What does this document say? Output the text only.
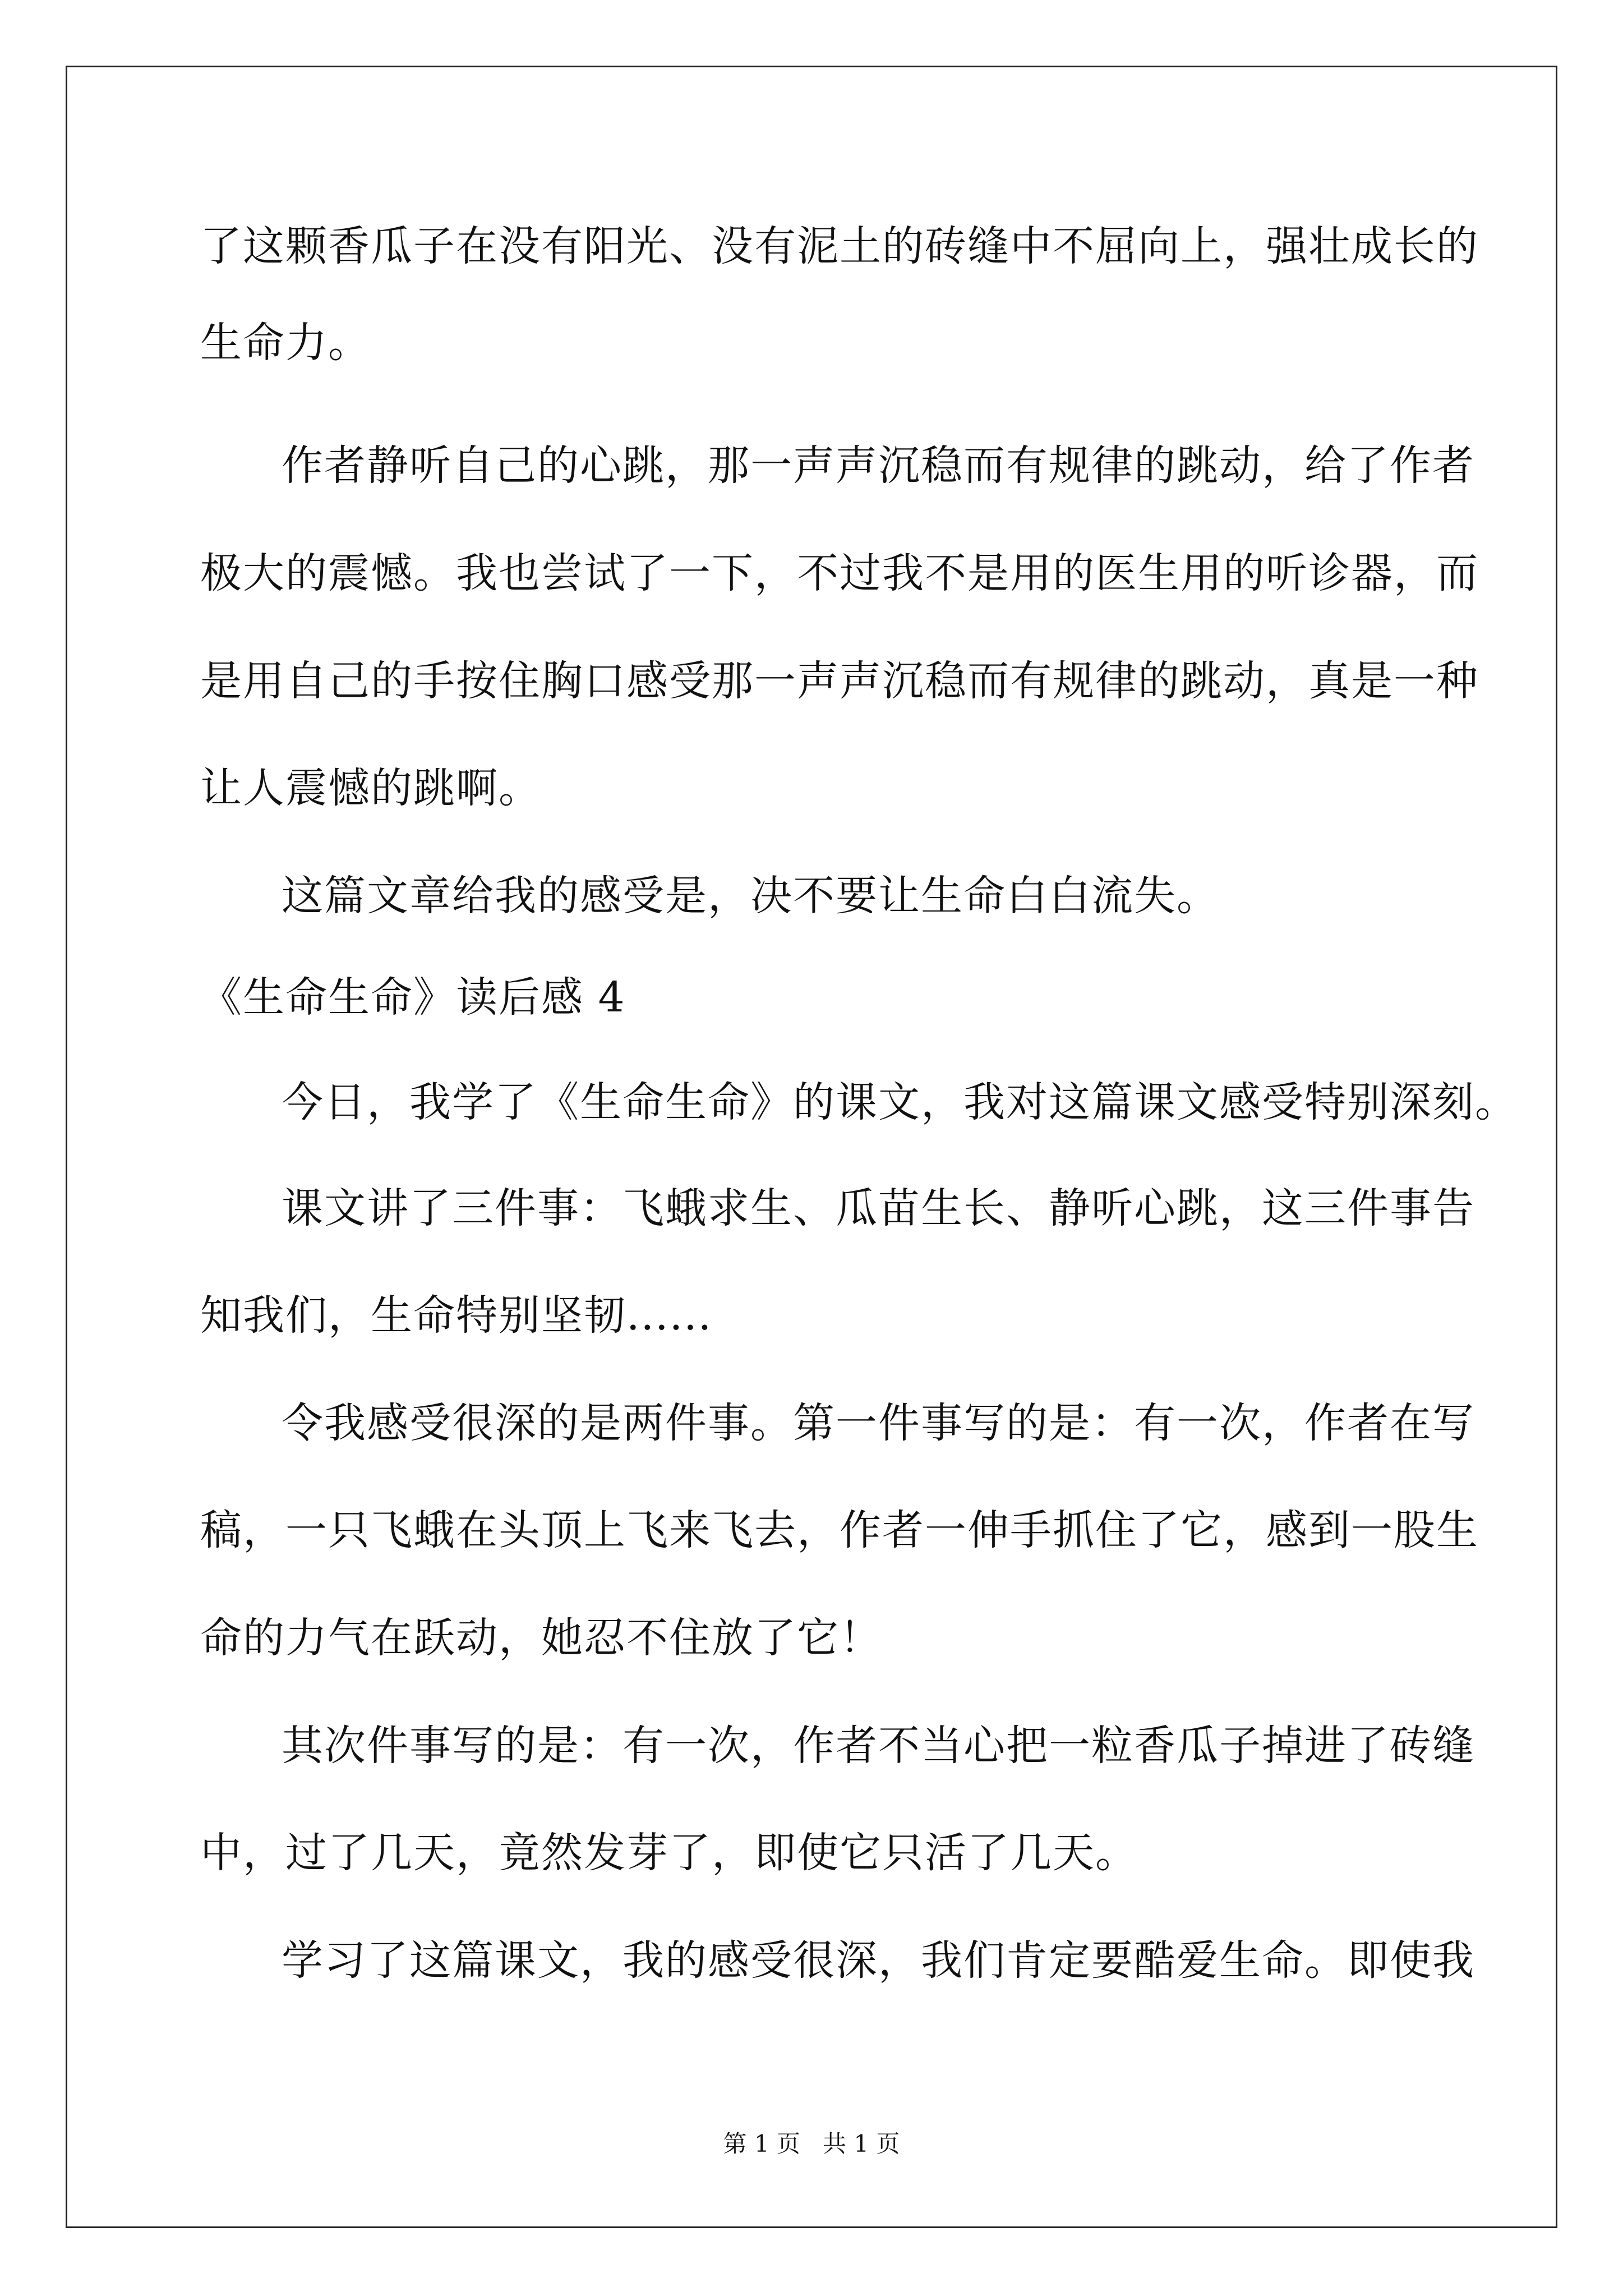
了这颗香瓜子在没有阳光、没有泥土的砖缝中不屈向上，强壮成长的
生命力。
作者静听自己的心跳，那一声声沉稳而有规律的跳动，给了作者
极大的震憾。我也尝试了一下，不过我不是用的医生用的听诊器，而
是用自己的手按住胸口感受那一声声沉稳而有规律的跳动，真是一种
让人震憾的跳啊。
这篇文章给我的感受是，决不要让生命白白流失。
《生命生命》读后感 4
今日，我学了《生命生命》的课文，我对这篇课文感受特别深刻。
课文讲了三件事：飞蛾求生、瓜苗生长、静听心跳，这三件事告
知我们，生命特别坚韧......
令我感受很深的是两件事。第一件事写的是：有一次，作者在写
稿，一只飞蛾在头顶上飞来飞去，作者一伸手抓住了它，感到一股生
命的力气在跃动，她忍不住放了它！
其次件事写的是：有一次，作者不当心把一粒香瓜子掉进了砖缝
中，过了几天，竟然发芽了，即使它只活了几天。
学习了这篇课文，我的感受很深，我们肯定要酷爱生命。即使我
第 1 页   共 1 页
